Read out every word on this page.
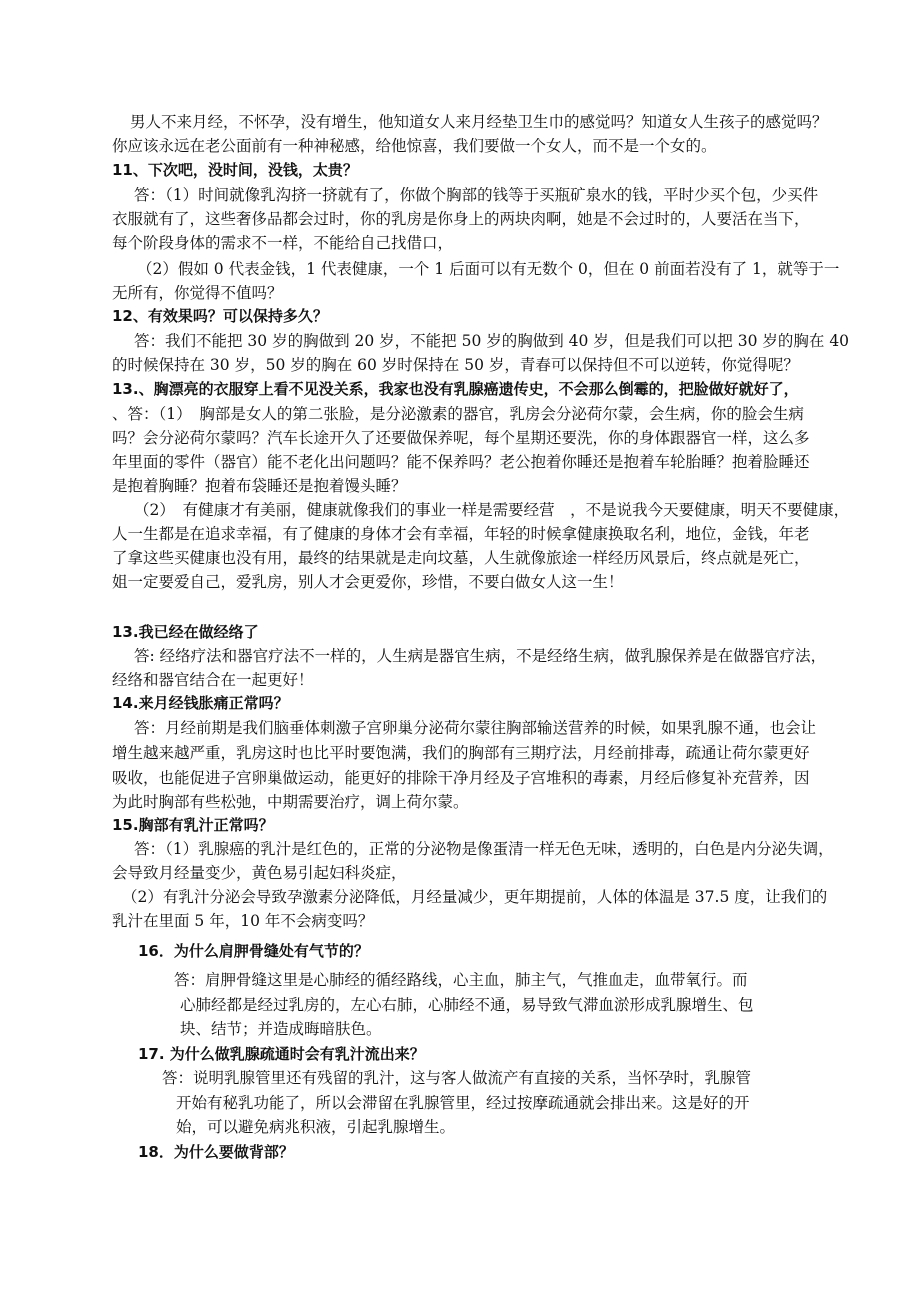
男人不来月经，不怀孕，没有增生，他知道女人来月经垫卫生巾的感觉吗？知道女人生孩子的感觉吗？
你应该永远在老公面前有一种神秘感，给他惊喜，我们要做一个女人，而不是一个女的。
11、下次吧，没时间，没钱，太贵？
答：（1）时间就像乳沟挤一挤就有了，你做个胸部的钱等于买瓶矿泉水的钱，平时少买个包，少买件
衣服就有了，这些奢侈品都会过时，你的乳房是你身上的两块肉啊，她是不会过时的，人要活在当下，
每个阶段身体的需求不一样，不能给自己找借口，
（2）假如 0 代表金钱，1 代表健康，一个 1 后面可以有无数个 0，但在 0 前面若没有了 1，就等于一
无所有，你觉得不值吗？
12、有效果吗？可以保持多久？
答：我们不能把 30 岁的胸做到 20 岁，不能把 50 岁的胸做到 40 岁，但是我们可以把 30 岁的胸在 40
的时候保持在 30 岁，50 岁的胸在 60 岁时保持在 50 岁，青春可以保持但不可以逆转，你觉得呢？
13.、胸漂亮的衣服穿上看不见没关系，我家也没有乳腺癌遗传史，不会那么倒霉的，把脸做好就好了，
、答：（1）　胸部是女人的第二张脸，是分泌激素的器官，乳房会分泌荷尔蒙，会生病，你的脸会生病
吗？会分泌荷尔蒙吗？汽车长途开久了还要做保养呢，每个星期还要洗，你的身体跟器官一样，这么多
年里面的零件（器官）能不老化出问题吗？能不保养吗？老公抱着你睡还是抱着车轮胎睡？抱着脸睡还
是抱着胸睡？抱着布袋睡还是抱着馒头睡？
（2）　有健康才有美丽，健康就像我们的事业一样是需要经营　，不是说我今天要健康，明天不要健康，
人一生都是在追求幸福，有了健康的身体才会有幸福，年轻的时候拿健康换取名利，地位，金钱，年老
了拿这些买健康也没有用，最终的结果就是走向坟墓，人生就像旅途一样经历风景后，终点就是死亡，
姐一定要爱自己，爱乳房，别人才会更爱你，珍惜，不要白做女人这一生！
13.我已经在做经络了
答: 经络疗法和器官疗法不一样的，人生病是器官生病，不是经络生病，做乳腺保养是在做器官疗法，
经络和器官结合在一起更好！
14.来月经钱胀痛正常吗？
答：月经前期是我们脑垂体刺激子宫卵巢分泌荷尔蒙往胸部输送营养的时候，如果乳腺不通，也会让
增生越来越严重，乳房这时也比平时要饱满，我们的胸部有三期疗法，月经前排毒，疏通让荷尔蒙更好
吸收，也能促进子宫卵巢做运动，能更好的排除干净月经及子宫堆积的毒素，月经后修复补充营养，因
为此时胸部有些松弛，中期需要治疗，调上荷尔蒙。
15.胸部有乳汁正常吗？
答：（1）乳腺癌的乳汁是红色的，正常的分泌物是像蛋清一样无色无味，透明的，白色是内分泌失调，
会导致月经量变少，黄色易引起妇科炎症，
（2）有乳汁分泌会导致孕激素分泌降低，月经量减少，更年期提前，人体的体温是 37.5 度，让我们的
乳汁在里面 5 年，10 年不会病变吗？
16．为什么肩胛骨缝处有气节的？
答：肩胛骨缝这里是心肺经的循经路线，心主血，肺主气，气推血走，血带氧行。而
心肺经都是经过乳房的，左心右肺，心肺经不通，易导致气滞血淤形成乳腺增生、包
块、结节；并造成晦暗肤色。
17. 为什么做乳腺疏通时会有乳汁流出来？
答：说明乳腺管里还有残留的乳汁，这与客人做流产有直接的关系，当怀孕时，乳腺管
开始有秘乳功能了，所以会滞留在乳腺管里，经过按摩疏通就会排出来。这是好的开
始，可以避免病兆积液，引起乳腺增生。
18．为什么要做背部？
